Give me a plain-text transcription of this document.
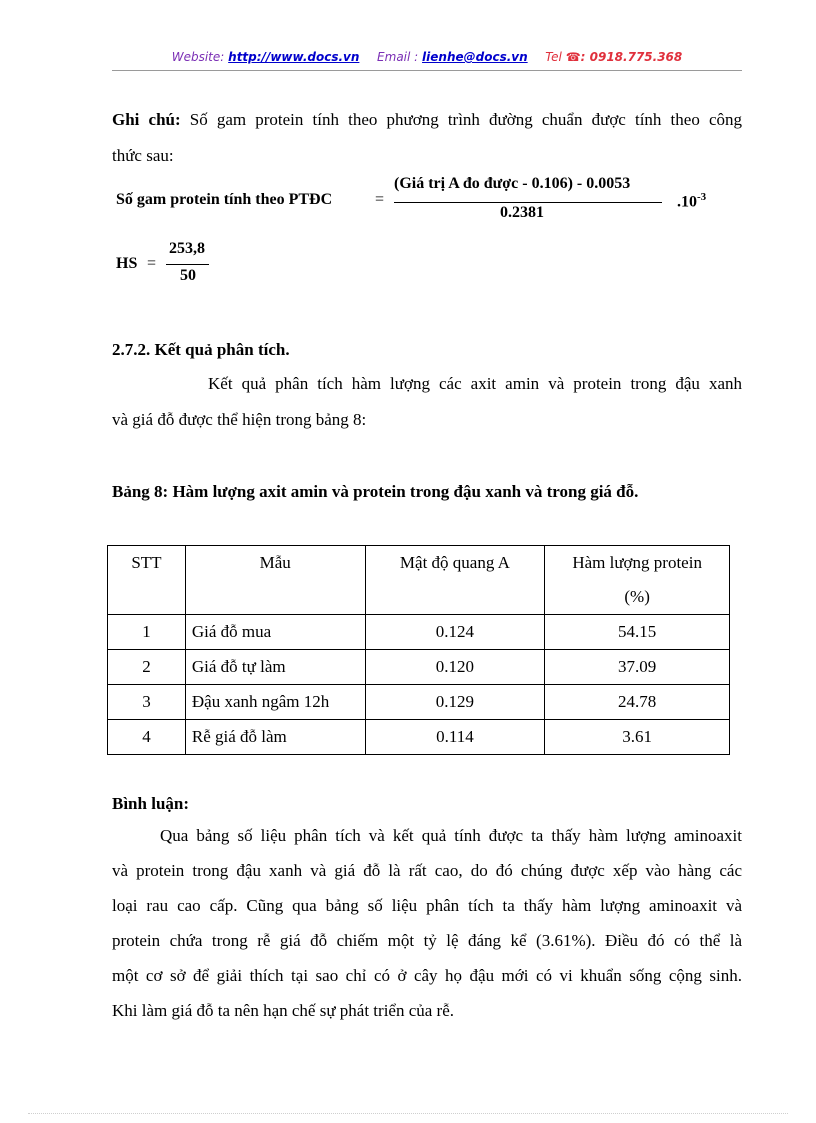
Website: http://www.docs.vn Email : lienhe@docs.vn Tel ☎: 0918.775.368
Ghi chú: Số gam protein tính theo phương trình đường chuẩn được tính theo công
thức sau:
Số gam protein tính theo PTĐC	=
(Giá trị A đo được - 0.106) - 0.0053
0.2381
$.10^{-3}$
HS =
253,8
50
2.7.2. Kết quả phân tích.
Kết quả phân tích hàm lượng các axit amin và protein trong đậu xanh
và giá đỗ được thể hiện trong bảng 8:
Bảng 8: Hàm lượng axit amin và protein trong đậu xanh và trong giá đỗ.
STT	Mẫu	Mật độ quang A	Hàm lượng protein
(%)

1	Giá đỗ mua	0.124	54.15
2	Giá đỗ tự làm	0.120	37.09
3	Đậu xanh ngâm 12h	0.129	24.78
4	Rễ giá đỗ làm	0.114	3.61
Bình luận:
Qua bảng số liệu phân tích và kết quả tính được ta thấy hàm lượng aminoaxit
và protein trong đậu xanh và giá đỗ là rất cao, do đó chúng được xếp vào hàng các
loại rau cao cấp. Cũng qua bảng số liệu phân tích ta thấy hàm lượng aminoaxit và
protein chứa trong rễ giá đỗ chiếm một tỷ lệ đáng kể (3.61%). Điều đó có thể là
một cơ sở để giải thích tại sao chỉ có ở cây họ đậu mới có vi khuẩn sống cộng sinh.
Khi làm giá đỗ ta nên hạn chế sự phát triển của rễ.
